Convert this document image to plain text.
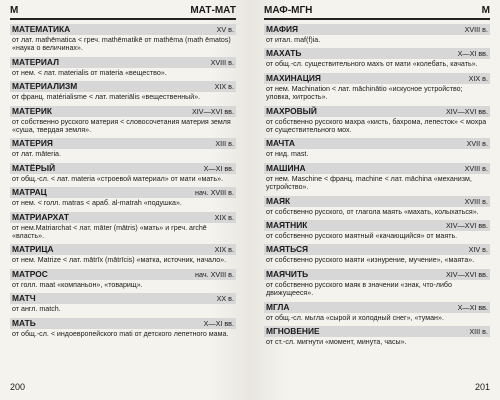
М	МАТ-МАТ
МАТЕМАТИКА	XV в.
от лат. mathēmatica < греч. mathēmatikē от mathēma (math ēmatos) «наука о величинах».
МАТЕРИАЛ	XVIII в.
от нем. < лат. materialis от materia «вещество».
МАТЕРИАЛИЗМ	XIX в.
от франц. matérialisme < лат. materiālis «вещественный».
МАТЕРИК	XIV—XVI вв.
от собственно русского материя < словосочетания материя земля «суша, твердая земля».
МАТЕРИЯ	XIII в.
от лат. māteria.
МАТЁРЫЙ	X—XI вв.
от общ.-сл. < лат. materia «строевой материал» от мати «мать».
МАТРАЦ	нач. XVIII в.
от нем. < голл. matras < араб. al-matrah «подушка».
МАТРИАРХАТ	XIX в.
от нем.Matriarchat < лат. māter (mātris) «мать» и греч. archē «власть».
МАТРИЦА	XIX в.
от нем. Matrize < лат. mātrīx (mātrīcis) «матка, источник, начало».
МАТРОС	нач. XVIII в.
от голл. maat «компаньон», «товарищ».
МАТЧ	XX в.
от англ. match.
МАТЬ	X—XI вв.
от общ.-сл. < индоевропейского mati от детского лепетного мама.
200
МАФ-МГН	М
МАФИЯ	XVIII в.
от итал. maf(f)ia.
МАХАТЬ	X—XI вв.
от общ.-сл. существительного махъ от мати «колебать, качать».
МАХИНАЦИЯ	XIX в.
от нем. Machination < лат. māchinātio «искусное устройство; уловка, хитрость».
МАХРОВЫЙ	XIV—XVI вв.
от собственно русского махра «кисть, бахрома, лепесток» < мохра от существительного мох.
МАЧТА	XVII в.
от нид. mast.
МАШИНА	XVIII в.
от нем. Maschine < франц. machine < лат. māchina «механизм, устройство».
МАЯК	XVIII в.
от собственно русского, от глагола маять «махать, колыхаться».
МАЯТНИК	XIV—XVI вв.
от собственно русского маятный «качающийся» от маять.
МАЯТЬСЯ	XIV в.
от собственно русского маяти «изнурение, мучение», «маята».
МАЯЧИТЬ	XIV—XVI вв.
от собственно русского маяк в значении «знак, что-либо движущееся».
МГЛА	X—XI вв.
от общ.-сл. мьгла «сырой и холодный снег», «туман».
МГНОВЕНИЕ	XIII в.
от ст.-сл. мигнути «момент, минута, часы».
201
